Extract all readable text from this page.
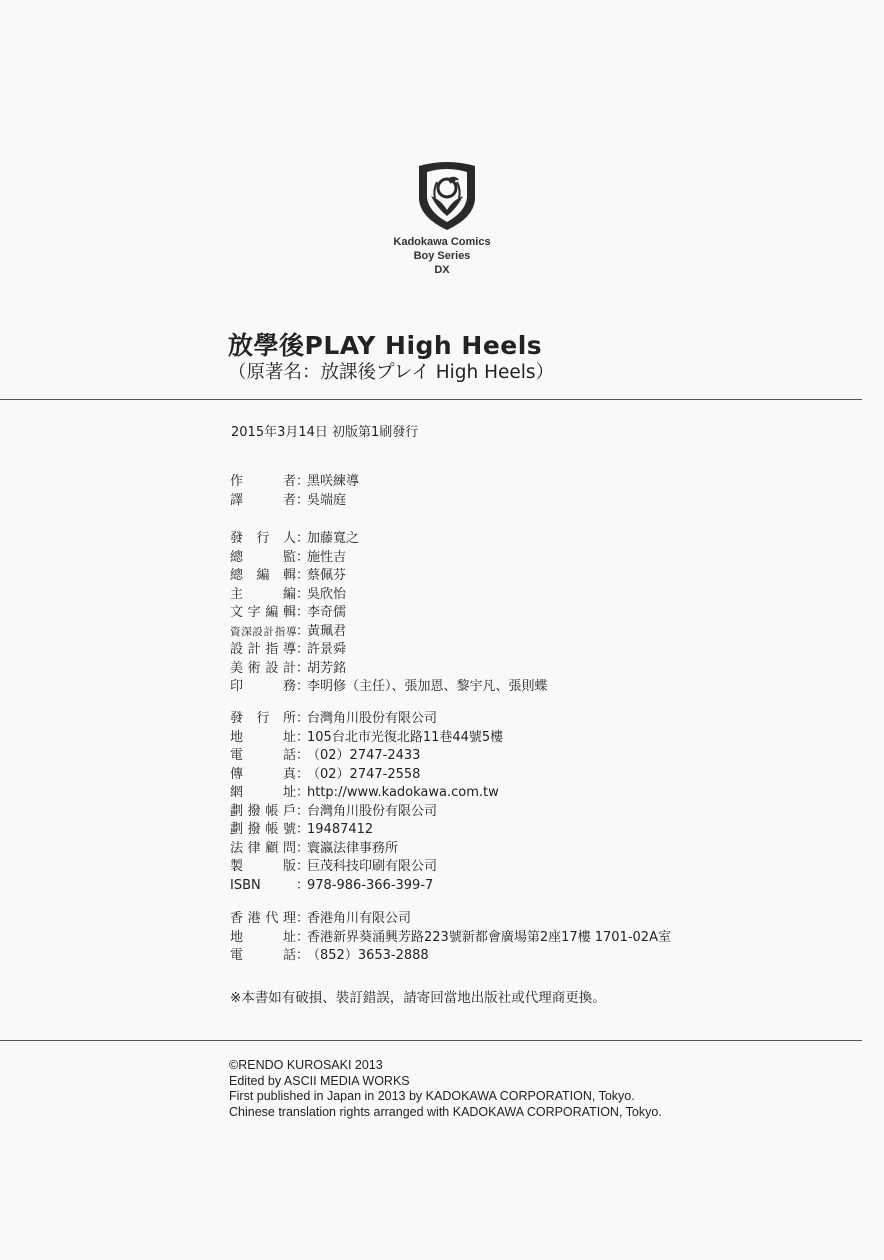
Kadokawa Comics
Boy Series
DX
放學後PLAY High Heels
（原著名：放課後プレイ High Heels）
2015年3月14日 初版第1刷發行
作者 ：
黑咲練導
譯者 ：
吳端庭
發行人 ：
加藤寬之
總監 ：
施性吉
總編輯 ：
蔡佩芬
主編 ：
吳欣怡
文字編輯 ：
李奇儒
資深設計指導 ：
黃珮君
設計指導 ：
許景舜
美術設計 ：
胡芳銘
印務 ：
李明修（主任）、張加恩、黎宇凡、張則蝶
發行所 ：
台灣角川股份有限公司
地址 ：
105台北市光復北路11巷44號5樓
電話 ：
（02）2747-2433
傳真 ：
（02）2747-2558
網址 ：
http://www.kadokawa.com.tw
劃撥帳戶 ：
台灣角川股份有限公司
劃撥帳號 ：
19487412
法律顧問 ：
寰瀛法律事務所
製版 ：
巨茂科技印刷有限公司
ISBN	：
978-986-366-399-7
香港代理 ：
香港角川有限公司
地址 ：
香港新界葵涌興芳路223號新都會廣場第2座17樓 1701-02A室
電話 ：
（852）3653-2888
※本書如有破損、裝訂錯誤，請寄回當地出版社或代理商更換。
©RENDO KUROSAKI 2013
Edited by ASCII MEDIA WORKS
First published in Japan in 2013 by KADOKAWA CORPORATION, Tokyo.
Chinese translation rights arranged with KADOKAWA CORPORATION, Tokyo.
